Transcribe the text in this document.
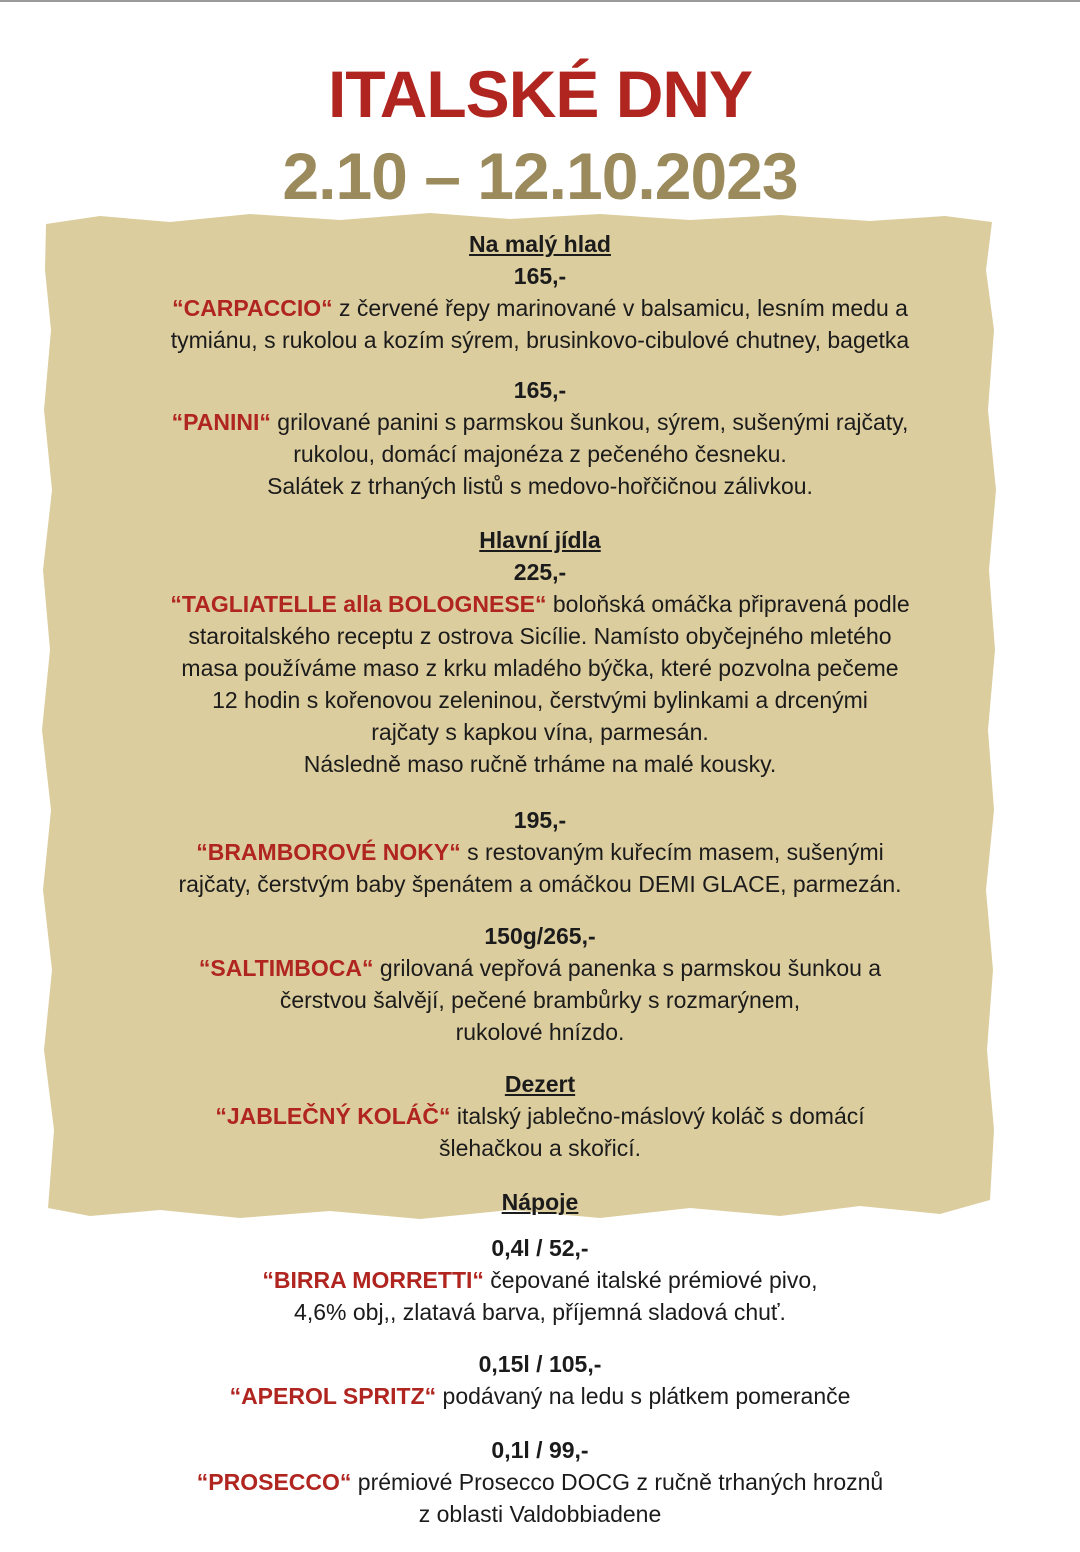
ITALSKÉ DNY
2.10 – 12.10.2023
Na malý hlad
165,-
“CARPACCIO“ z červené řepy marinované v balsamicu, lesním medu a
tymiánu, s rukolou a kozím sýrem, brusinkovo-cibulové chutney, bagetka
165,-
“PANINI“ grilované panini s parmskou šunkou, sýrem, sušenými rajčaty,
rukolou, domácí majonéza z pečeného česneku.
Salátek z trhaných listů s medovo-hořčičnou zálivkou.
Hlavní jídla
225,-
“TAGLIATELLE alla BOLOGNESE“ boloňská omáčka připravená podle
staroitalského receptu z ostrova Sicílie. Namísto obyčejného mletého
masa používáme maso z krku mladého býčka, které pozvolna pečeme
12 hodin s kořenovou zeleninou, čerstvými bylinkami a drcenými
rajčaty s kapkou vína, parmesán.
Následně maso ručně trháme na malé kousky.
195,-
“BRAMBOROVÉ NOKY“ s restovaným kuřecím masem, sušenými
rajčaty, čerstvým baby špenátem a omáčkou DEMI GLACE, parmezán.
150g/265,-
“SALTIMBOCA“ grilovaná vepřová panenka s parmskou šunkou a
čerstvou šalvějí, pečené brambůrky s rozmarýnem,
rukolové hnízdo.
Dezert
“JABLEČNÝ KOLÁČ“ italský jablečno-máslový koláč s domácí
šlehačkou a skořicí.
Nápoje
0,4l / 52,-
“BIRRA MORRETTI“ čepované italské prémiové pivo,
4,6% obj,, zlatavá barva, příjemná sladová chuť.
0,15l / 105,-
“APEROL SPRITZ“ podávaný na ledu s plátkem pomeranče
0,1l / 99,-
“PROSECCO“ prémiové Prosecco DOCG z ručně trhaných hroznů
z oblasti Valdobbiadene
